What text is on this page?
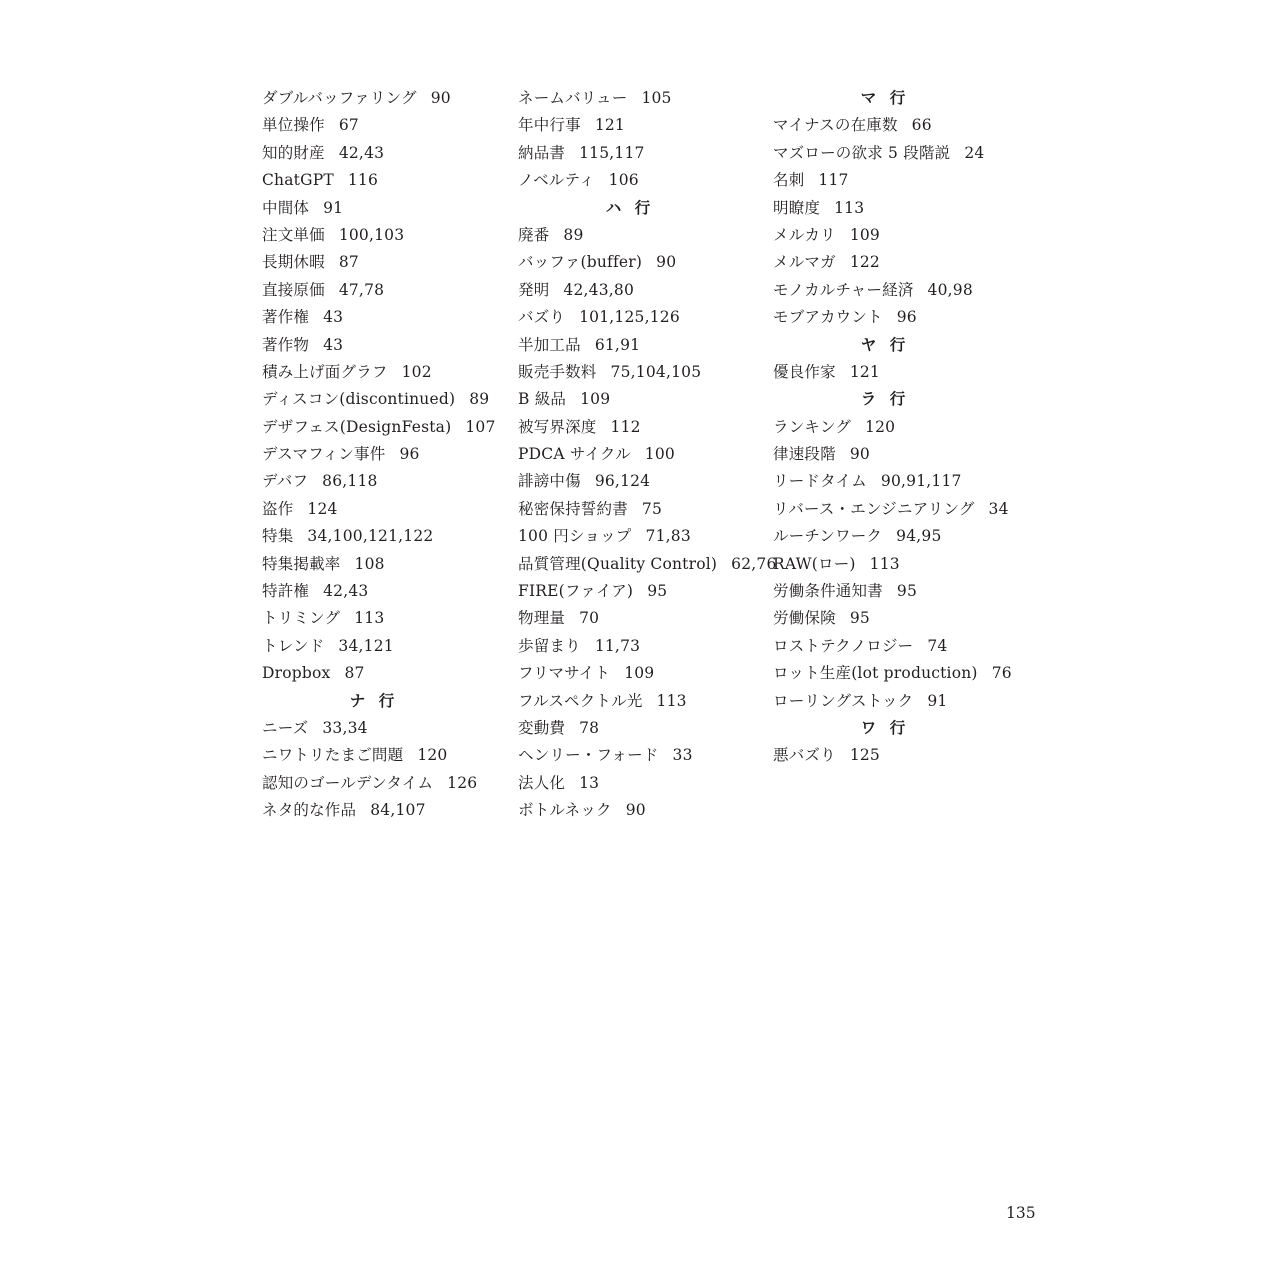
ダブルバッファリング 90
単位操作 67
知的財産 42,43
ChatGPT 116
中間体 91
注文単価 100,103
長期休暇 87
直接原価 47,78
著作権 43
著作物 43
積み上げ面グラフ 102
ディスコン(discontinued) 89
デザフェス(DesignFesta) 107
デスマフィン事件 96
デバフ 86,118
盗作 124
特集 34,100,121,122
特集掲載率 108
特許権 42,43
トリミング 113
トレンド 34,121
Dropbox 87
ナ 行
ニーズ 33,34
ニワトリたまご問題 120
認知のゴールデンタイム 126
ネタ的な作品 84,107
ネームバリュー 105
年中行事 121
納品書 115,117
ノベルティ 106
ハ 行
廃番 89
バッファ(buffer) 90
発明 42,43,80
バズり 101,125,126
半加工品 61,91
販売手数料 75,104,105
B 級品 109
被写界深度 112
PDCA サイクル 100
誹謗中傷 96,124
秘密保持誓約書 75
100 円ショップ 71,83
品質管理(Quality Control) 62,76
FIRE(ファイア) 95
物理量 70
歩留まり 11,73
フリマサイト 109
フルスペクトル光 113
変動費 78
ヘンリー・フォード 33
法人化 13
ボトルネック 90
マ 行
マイナスの在庫数 66
マズローの欲求 5 段階説 24
名刺 117
明瞭度 113
メルカリ 109
メルマガ 122
モノカルチャー経済 40,98
モブアカウント 96
ヤ 行
優良作家 121
ラ 行
ランキング 120
律速段階 90
リードタイム 90,91,117
リバース・エンジニアリング 34
ルーチンワーク 94,95
RAW(ロー) 113
労働条件通知書 95
労働保険 95
ロストテクノロジー 74
ロット生産(lot production) 76
ローリングストック 91
ワ 行
悪バズり 125
135
